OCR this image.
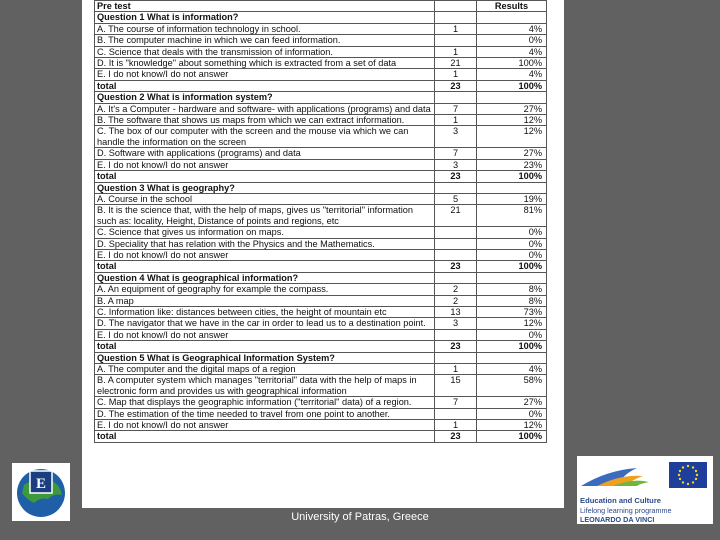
Pre test		Results
Question 1 What is information?		
A. The course of information technology in school.	1	4%
B. The computer machine in which we can feed information.		0%
C. Science that deals with the transmission of information.	1	4%
D. It is "knowledge" about something which is extracted from a set of data	21	100%
E. I do not know/I do not answer	1	4%
total	23	100%
Question 2 What is information system?		
A. It's a Computer - hardware and software- with applications (programs) and data	7	27%
B. The software that shows us maps from which we can extract information.	1	12%
C. The box of our computer with the screen and the mouse via which we can handle the information on the screen	3	12%
D. Software with applications (programs) and data	7	27%
E. I do not know/I do not answer	3	23%
total	23	100%
Question 3 What is geography?		
A. Course in the school	5	19%
B. It is the science that, with the help of maps, gives us "territorial" information such as: locality, Height, Distance of points and regions, etc	21	81%
C. Science that gives us information on maps.		0%
D. Speciality that has relation with the Physics and the Mathematics.		0%
E. I do not know/I do not answer		0%
total	23	100%
Question 4 What is geographical information?		
A. An equipment of geography for example the compass.	2	8%
B. A map	2	8%
C. Information like: distances between cities, the height of mountain etc	13	73%
D. The navigator that we have in the car in order to lead us to a destination point.	3	12%
E. I do not know/I do not answer		0%
total	23	100%
Question 5 What is Geographical Information System?		
A. The computer and the digital maps of a region	1	4%
B. A computer system which manages "territorial" data with the help of maps in electronic form and provides us with geographical information	15	58%
C. Map that displays the geographic information ("territorial" data) of a region.	7	27%
D. The estimation of the time needed to travel from one point to another.		0%
E. I do not know/I do not answer	1	12%
total	23	100%
University of Patras, Greece
E
Education and Culture
Lifelong learning programme
LEONARDO DA VINCI
